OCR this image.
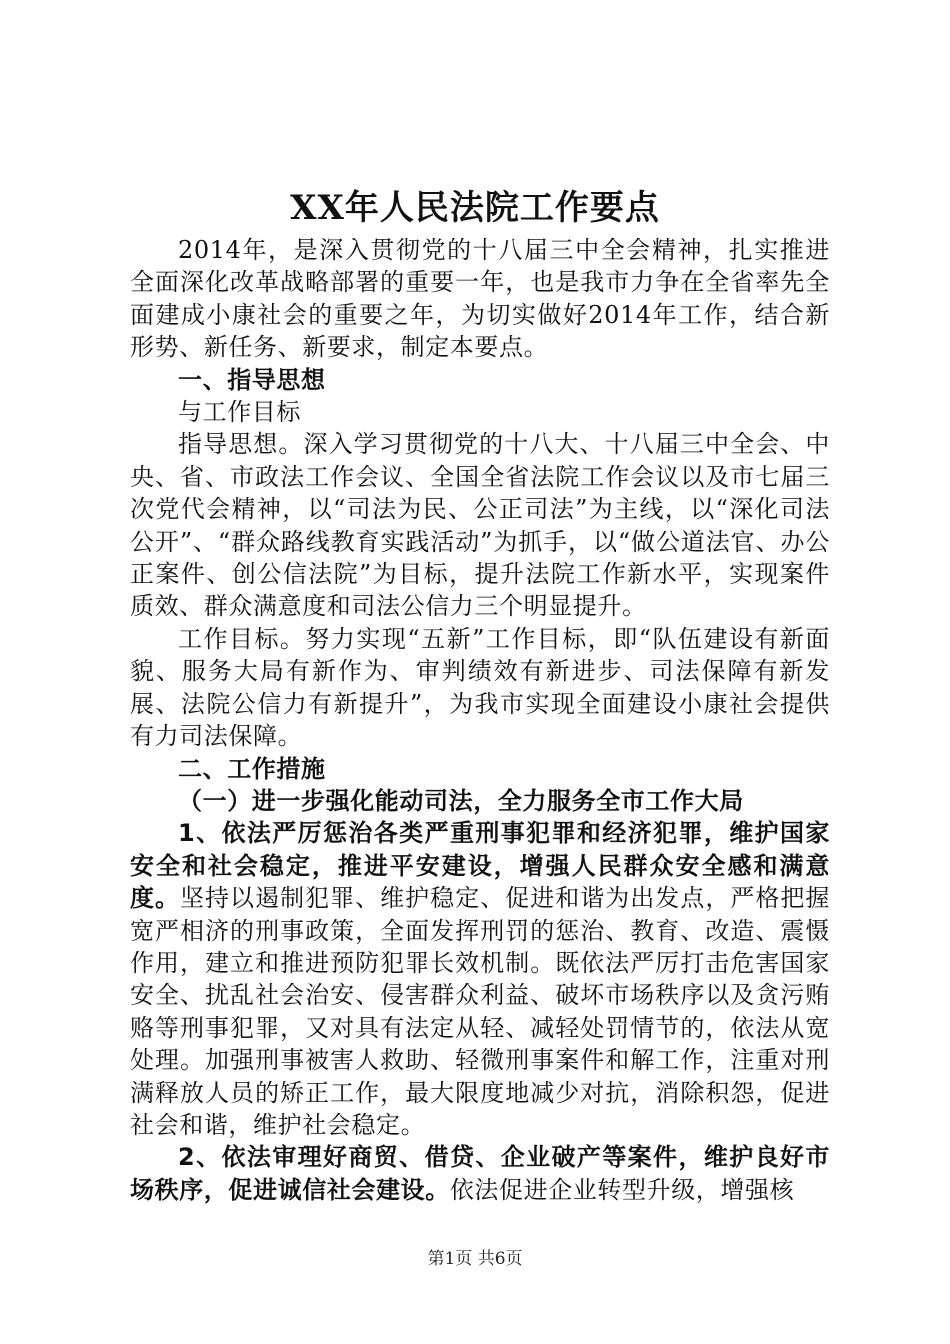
XX年人民法院工作要点

2014年，是深入贯彻党的十八届三中全会精神，扎实推进全面深化改革战略部署的重要一年，也是我市力争在全省率先全面建成小康社会的重要之年，为切实做好2014年工作，结合新形势、新任务、新要求，制定本要点。

一、指导思想

与工作目标

指导思想。深入学习贯彻党的十八大、十八届三中全会、中央、省、市政法工作会议、全国全省法院工作会议以及市七届三次党代会精神，以“司法为民、公正司法”为主线，以“深化司法公开”、“群众路线教育实践活动”为抓手，以“做公道法官、办公正案件、创公信法院”为目标，提升法院工作新水平，实现案件质效、群众满意度和司法公信力三个明显提升。

工作目标。努力实现“五新”工作目标，即“队伍建设有新面貌、服务大局有新作为、审判绩效有新进步、司法保障有新发展、法院公信力有新提升”，为我市实现全面建设小康社会提供有力司法保障。

二、工作措施

（一）进一步强化能动司法，全力服务全市工作大局

1、依法严厉惩治各类严重刑事犯罪和经济犯罪，维护国家安全和社会稳定，推进平安建设，增强人民群众安全感和满意度。坚持以遏制犯罪、维护稳定、促进和谐为出发点，严格把握宽严相济的刑事政策，全面发挥刑罚的惩治、教育、改造、震慑作用，建立和推进预防犯罪长效机制。既依法严厉打击危害国家安全、扰乱社会治安、侵害群众利益、破坏市场秩序以及贪污贿赂等刑事犯罪，又对具有法定从轻、减轻处罚情节的，依法从宽处理。加强刑事被害人救助、轻微刑事案件和解工作，注重对刑满释放人员的矫正工作，最大限度地减少对抗，消除积怨，促进社会和谐，维护社会稳定。

2、依法审理好商贸、借贷、企业破产等案件，维护良好市场秩序，促进诚信社会建设。依法促进企业转型升级，增强核

第1页 共6页
